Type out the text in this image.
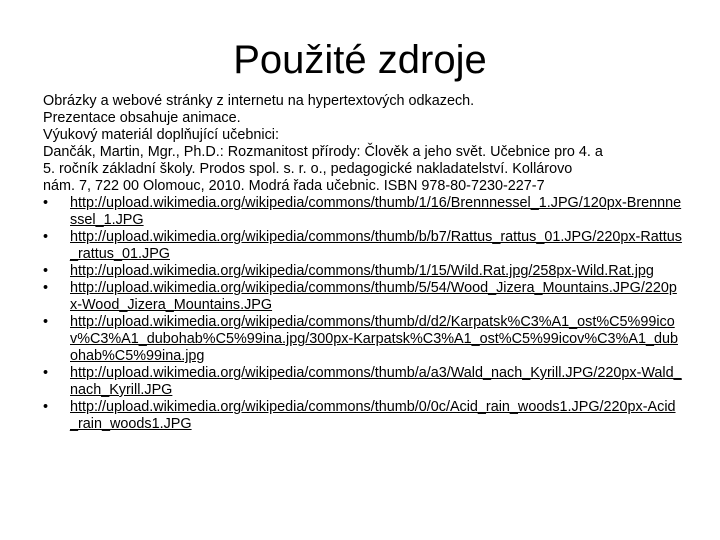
Použité zdroje

Obrázky a webové stránky z internetu na hypertextových odkazech.

Prezentace obsahuje animace.

Výukový materiál doplňující učebnici:

Dančák, Martin, Mgr., Ph.D.: Rozmanitost přírody: Člověk a jeho svět. Učebnice pro 4. a

5. ročník základní školy. Prodos spol. s. r. o., pedagogické nakladatelství. Kollárovo

nám. 7, 722 00 Olomouc, 2010. Modrá řada učebnic. ISBN 978-80-7230-227-7

• http://upload.wikimedia.org/wikipedia/commons/thumb/1/16/Brennnessel_1.JPG/120px-Brennnessel_1.JPG
• http://upload.wikimedia.org/wikipedia/commons/thumb/b/b7/Rattus_rattus_01.JPG/220px-Rattus_rattus_01.JPG
• http://upload.wikimedia.org/wikipedia/commons/thumb/1/15/Wild.Rat.jpg/258px-Wild.Rat.jpg
• http://upload.wikimedia.org/wikipedia/commons/thumb/5/54/Wood_Jizera_Mountains.JPG/220px-Wood_Jizera_Mountains.JPG
• http://upload.wikimedia.org/wikipedia/commons/thumb/d/d2/Karpatsk%C3%A1_ost%C5%99icov%C3%A1_dubohab%C5%99ina.jpg/300px-Karpatsk%C3%A1_ost%C5%99icov%C3%A1_dubohab%C5%99ina.jpg
• http://upload.wikimedia.org/wikipedia/commons/thumb/a/a3/Wald_nach_Kyrill.JPG/220px-Wald_nach_Kyrill.JPG
• http://upload.wikimedia.org/wikipedia/commons/thumb/0/0c/Acid_rain_woods1.JPG/220px-Acid_rain_woods1.JPG
